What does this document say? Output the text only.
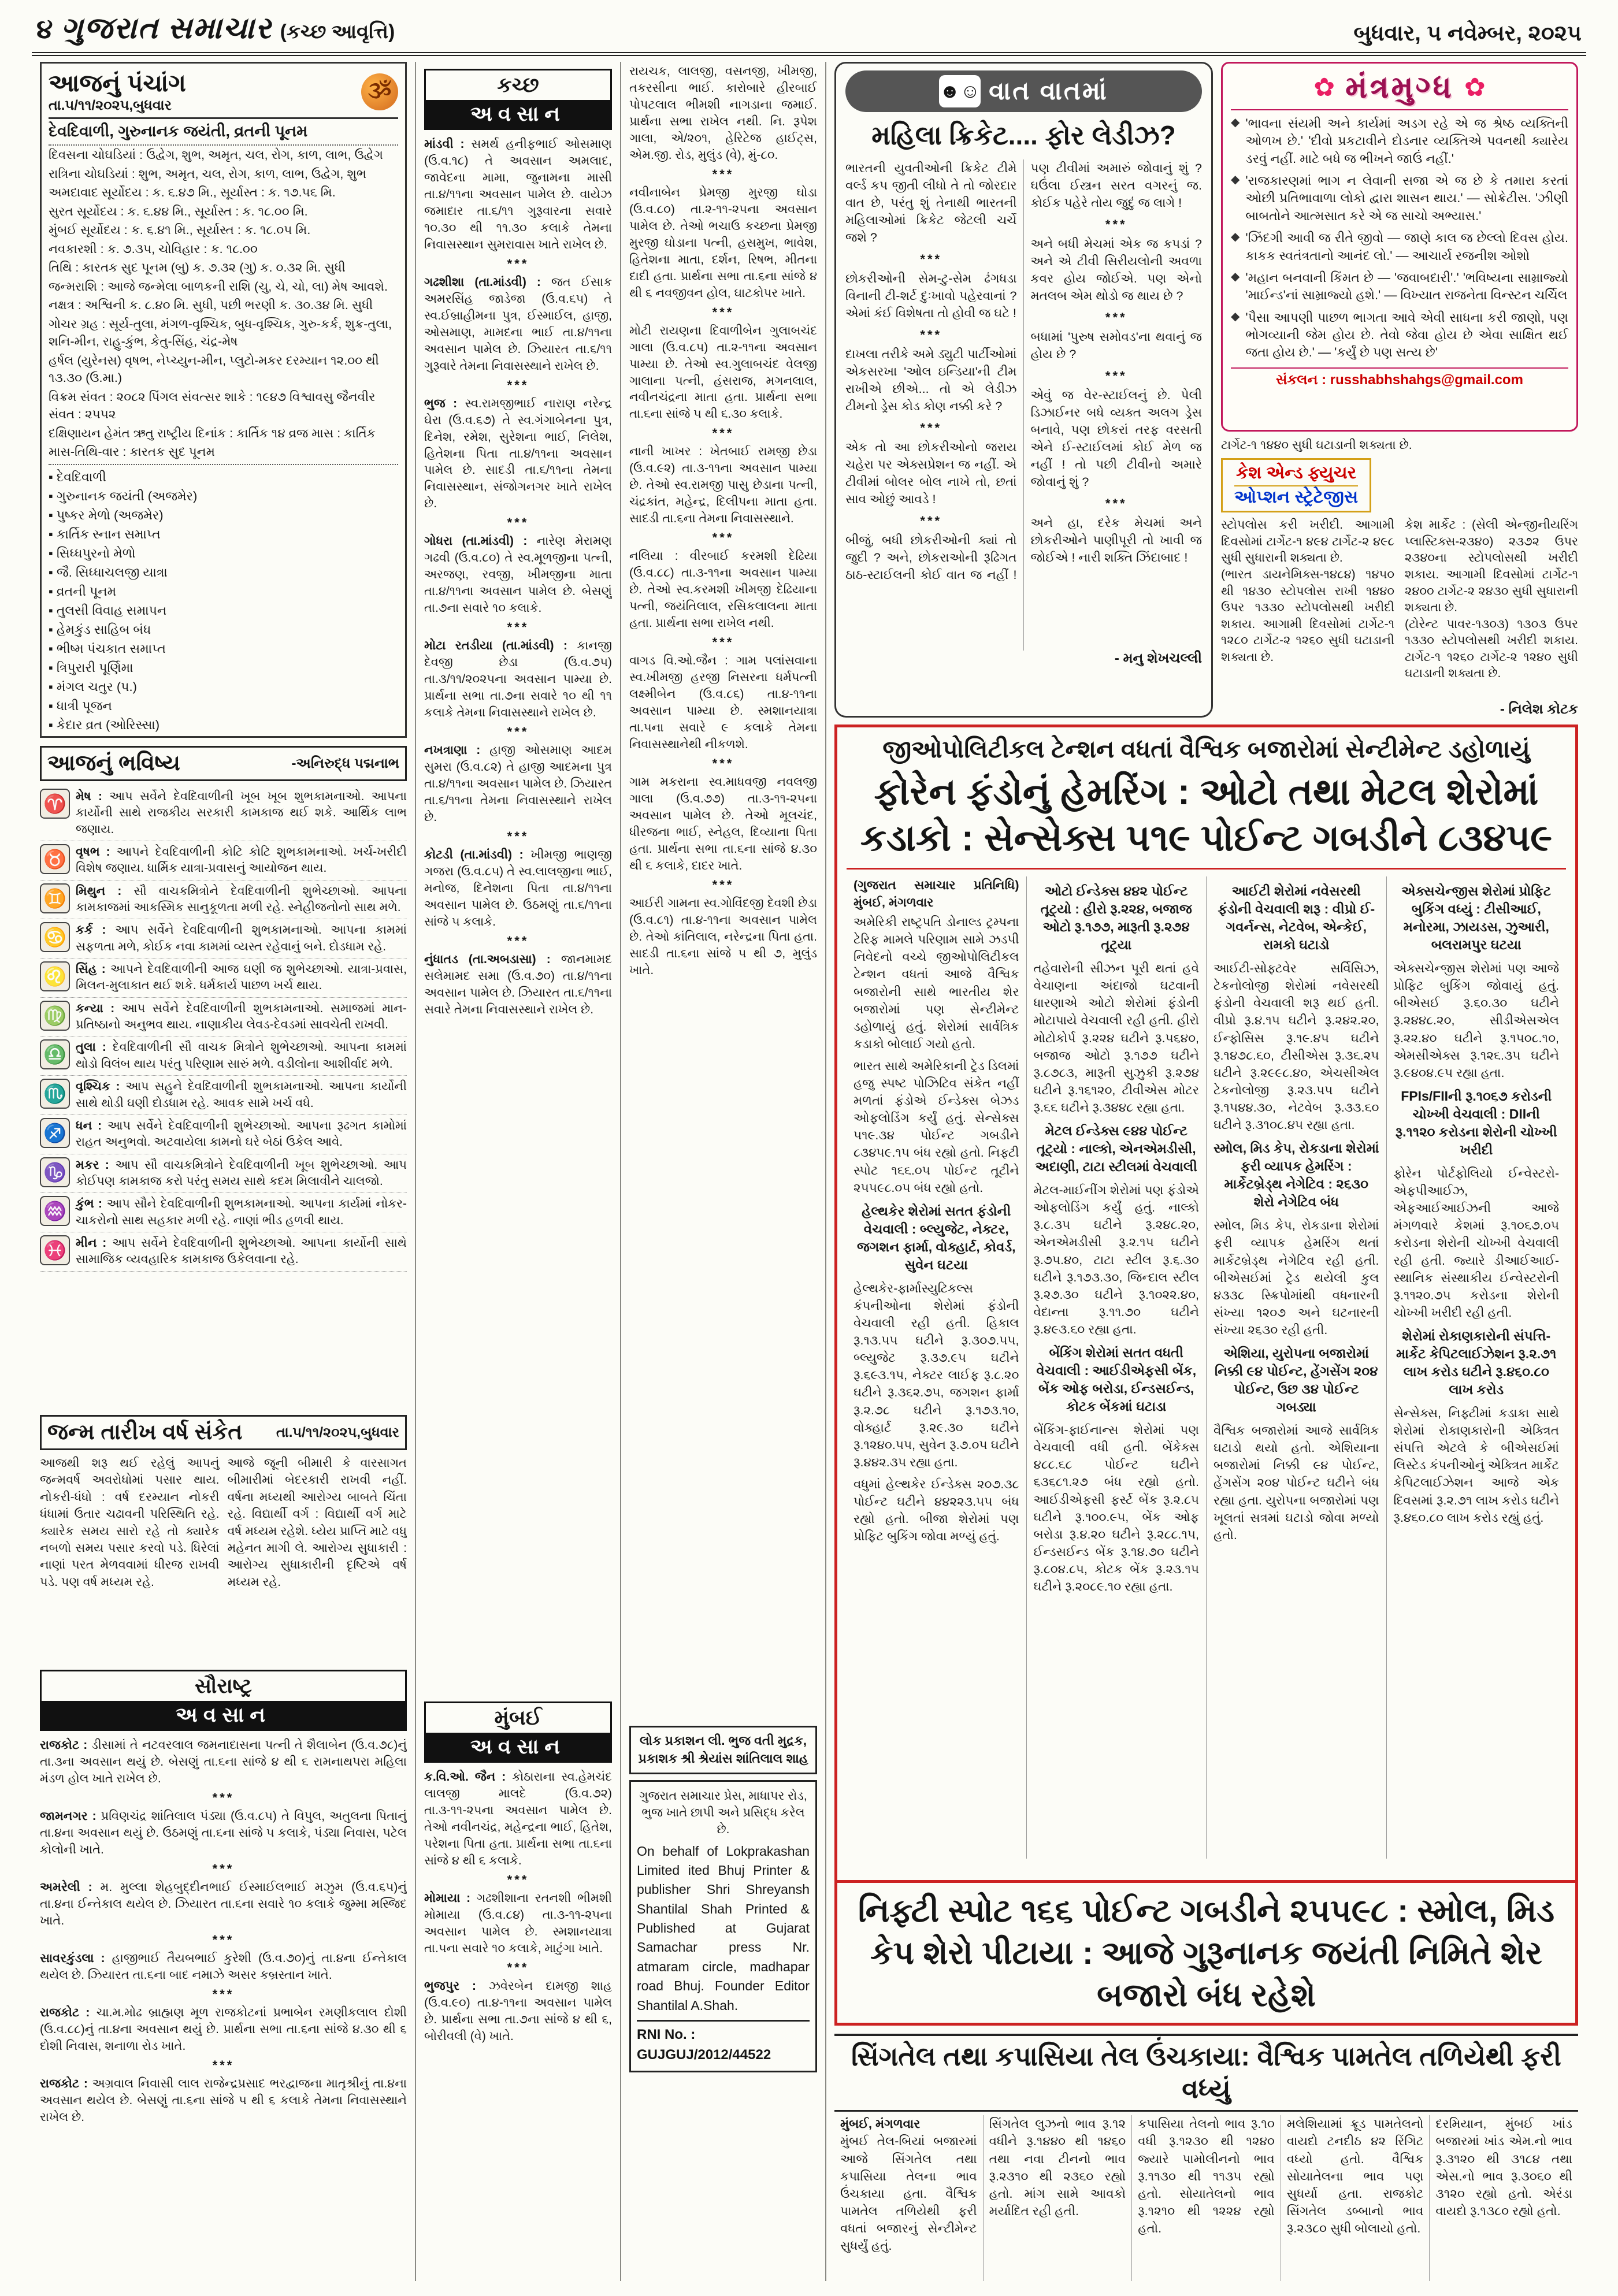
૪ ગુજરાત સમાચાર (કચ્છ આવૃત્તિ)	બુધવાર, ૫ નવેમ્બર, ૨૦૨૫
આજનું પંચાંગ
તા.૫/૧૧/૨૦૨૫,બુધવાર
ૐ
દેવદિવાળી, ગુરુનાનક જયંતી, વ્રતની પૂનમ
દિવસના ચોઘડિયાં : ઉદ્વેગ, શુભ, અમૃત, ચલ, રોગ, કાળ, લાભ, ઉદ્વેગ
રાત્રિના ચોઘડિયાં : શુભ, અમૃત, ચલ, રોગ, કાળ, લાભ, ઉદ્વેગ, શુભ
અમદાવાદ સૂર્યોદય : ક. ૬.૪૭ મિ., સૂર્યાસ્ત : ક. ૧૭.૫૬ મિ.
સુરત સૂર્યોદય : ક. ૬.૪૪ મિ., સૂર્યાસ્ત : ક. ૧૮.૦૦ મિ.
મુંબઈ સૂર્યોદય : ક. ૬.૪૧ મિ., સૂર્યાસ્ત : ક. ૧૮.૦૫ મિ.
નવકારશી : ક. ૭.૩૫, ચોવિહાર : ક. ૧૮.૦૦
તિથિ : કારતક સુદ પૂનમ (બુ) ક. ૭.૩૨ (ગુ) ક. ૦.૩૨ મિ. સુધી
જન્મરાશિ : આજે જન્મેલા બાળકની રાશિ (ચુ, ચે, ચો, લા) મેષ આવશે.
નક્ષત્ર : અશ્વિની ક. ૮.૪૦ મિ. સુધી, પછી ભરણી ક. ૩૦.૩૪ મિ. સુધી
ગોચર ગ્રહ : સૂર્ય-તુલા, મંગળ-વૃશ્ચિક, બુધ-વૃશ્ચિક, ગુરુ-કર્ક, શુક્ર-તુલા, શનિ-મીન, રાહુ-કુંભ, કેતુ-સિંહ, ચંદ્ર-મેષ
હર્ષલ (યુરેનસ) વૃષભ, નેપ્ચ્યુન-મીન, પ્લુટો-મકર દરમ્યાન ૧૨.૦૦ થી ૧૩.૩૦ (ઉ.મા.)
વિક્રમ સંવત : ૨૦૮૨ પિંગલ સંવત્સર શાકે : ૧૯૪૭ વિશ્વાવસુ જૈનવીર સંવત : ૨૫૫૨
દક્ષિણાયન હેમંત ઋતુ રાષ્ટ્રીય દિનાંક : કાર્તિક ૧૪ વ્રજ માસ : કાર્તિક
માસ-તિથિ-વાર : કારતક સુદ પૂનમ
▪ દેવદિવાળી
▪ ગુરુનાનક જયંતી (અજમેર)
▪ પુષ્કર મેળો (અજમેર)
▪ કાર્તિક સ્નાન સમાપ્ત
▪ સિધ્ધપુરનો મેળો
▪ જૈ. સિધ્ધાચલજી યાત્રા
▪ વ્રતની પૂનમ
▪ તુલસી વિવાહ સમાપન
▪ હેમકુંડ સાહિબ બંધ
▪ ભીષ્મ પંચકાત સમાપ્ત
▪ ત્રિપુરારી પૂર્ણિમા
▪ મંગલ ચતુર (પ.)
▪ ધાત્રી પૂજન
▪ કેદાર વ્રત (ઓરિસ્સા)
આજનું ભવિષ્ય	-અનિરુદ્ધ પદ્મનાભ
♈ મેષ : આપ સર્વેને દેવદિવાળીની ખૂબ ખૂબ શુભકામનાઓ. આપના કાર્યોની સાથે રાજકીય સરકારી કામકાજ થઈ શકે. આર્થિક લાભ જણાય.
♉ વૃષભ : આપને દેવદિવાળીની કોટિ કોટિ શુભકામનાઓ. ખર્ચ-ખરીદી વિશેષ જણાય. ધાર્મિક યાત્રા-પ્રવાસનું આયોજન થાય.
♊ મિથુન : સૌ વાચકમિત્રોને દેવદિવાળીની શુભેચ્છાઓ. આપના કામકાજમાં આકસ્મિક સાનુકૂળતા મળી રહે. સ્નેહીજનોનો સાથ મળે.
♋ કર્ક : આપ સર્વેને દેવદિવાળીની શુભકામનાઓ. આપના કામમાં સફળતા મળે, કોઈક નવા કામમાં વ્યસ્ત રહેવાનું બને. દોડધામ રહે.
♌ સિંહ : આપને દેવદિવાળીની આજ ઘણી જ શુભેચ્છાઓ. યાત્રા-પ્રવાસ, મિલન-મુલાકાત થઈ શકે. ધર્મકાર્ય પાછળ ખર્ચ થાય.
♍ કન્યા : આપ સર્વેને દેવદિવાળીની શુભકામનાઓ. સમાજમાં માન-પ્રતિષ્ઠાનો અનુભવ થાય. નાણાકીય લેવડ-દેવડમાં સાવચેતી રાખવી.
♎ તુલા : દેવદિવાળીની સૌ વાચક મિત્રોને શુભેચ્છાઓ. આપના કામમાં થોડો વિલંબ થાય પરંતુ પરિણામ સારું મળે. વડીલોના આશીર્વાદ મળે.
♏ વૃશ્ચિક : આપ સહુને દેવદિવાળીની શુભકામનાઓ. આપના કાર્યોની સાથે થોડી ઘણી દોડધામ રહે. આવક સામે ખર્ચ વધે.
♐ ધન : આપ સર્વેને દેવદિવાળીની શુભેચ્છાઓ. આપના રૂઢગત કામોમાં રાહત અનુભવો. અટવાયેલા કામનો ઘરે બેઠાં ઉકેલ આવે.
♑ મકર : આપ સૌ વાચકમિત્રોને દેવદિવાળીની ખૂબ શુભેચ્છાઓ. આપ કોઈપણ કામકાજ કરો પરંતુ સમય સાથે કદમ મિલાવીને ચાલજો.
♒ કુંભ : આપ સૌને દેવદિવાળીની શુભકામનાઓ. આપના કાર્યમાં નોકર-ચાકરોનો સાથ સહકાર મળી રહે. નાણાં ભીડ હળવી થાય.
♓ મીન : આપ સર્વેને દેવદિવાળીની શુભેચ્છાઓ. આપના કાર્યોની સાથે સામાજિક વ્યવહારિક કામકાજ ઉકેલવાના રહે.
જન્મ તારીખ વર્ષ સંકેત તા.૫/૧૧/૨૦૨૫,બુધવાર
આજથી શરૂ થઈ રહેલું આપનું જન્મવર્ષ અવરોધોમાં પસાર થાય. નોકરી-ધંધો : વર્ષ દરમ્યાન નોકરી ધંધામાં ઉતાર ચઢાવની પરિસ્થિતિ રહે. ક્યારેક સમય સારો રહે તો ક્યારેક નબળો સમય પસાર કરવો પડે. ધિરેલાં નાણાં પરત મેળવવામાં ધીરજ રાખવી પડે. પણ વર્ષ મધ્યમ રહે.
આજે જૂની બીમારી કે વારસાગત બીમારીમાં બેદરકારી રાખવી નહીં. વર્ષના મધ્યથી આરોગ્ય બાબતે ચિંતા રહે. વિદ્યાર્થી વર્ગ : વિદ્યાર્થી વર્ગ માટે વર્ષ મધ્યમ રહેશે. ધ્યેય પ્રાપ્તિ માટે વધુ મહેનત માગી લે. આરોગ્ય સુધાકારી : આરોગ્ય સુધાકારીની દૃષ્ટિએ વર્ષ મધ્યમ રહે.
સૌરાષ્ટ્ર
અવસાન
રાજકોટ : ડીસામાં તે નટવરલાલ જમનાદાસના પત્ની તે શૈલાબેન (ઉ.વ.૭૮)નું તા.૩ના અવસાન થયું છે. બેસણું તા.૬ના સાંજે ૪ થી ૬ રામનાથપરા મહિલા મંડળ હોલ ખાતે રાખેલ છે.
***
જામનગર : પ્રવિણચંદ્ર શાંતિલાલ પંડ્યા (ઉ.વ.૮૫) તે વિપુલ, અતુલના પિતાનું તા.૪ના અવસાન થયું છે. ઉઠમણું તા.૬ના સાંજે ૫ કલાકે, પંડ્યા નિવાસ, પટેલ કોલોની ખાતે.
***
અમરેલી : મ. મુલ્લા શેહબુદ્દીનભાઈ ઈસ્માઈલભાઈ મઝુમ (ઉ.વ.૬૫)નું તા.૪ના ઈન્તેકાલ થયેલ છે. ઝિયારત તા.૬ના સવારે ૧૦ કલાકે જુમ્મા મસ્જિદ ખાતે.
***
સાવરકુંડલા : હાજીભાઈ તૈયબભાઈ કુરેશી (ઉ.વ.૭૦)નું તા.૪ના ઈન્તેકાલ થયેલ છે. ઝિયારત તા.૬ના બાદ નમાઝે અસર કબ્રસ્તાન ખાતે.
***
રાજકોટ : ચા.મ.મોઢ બ્રાહ્મણ મૂળ રાજકોટનાં પ્રભાબેન રમણીકલાલ દોશી (ઉ.વ.૮૮)નું તા.૪ના અવસાન થયું છે. પ્રાર્થના સભા તા.૬ના સાંજે ૪.૩૦ થી ૬ દોશી નિવાસ, શનાળા રોડ ખાતે.
***
રાજકોટ : અગ્રવાલ નિવાસી લાલ રાજેન્દ્રપ્રસાદ ભરદ્વાજના માતૃશ્રીનું તા.૪ના અવસાન થયેલ છે. બેસણું તા.૬ના સાંજે ૫ થી ૬ કલાકે તેમના નિવાસસ્થાને રાખેલ છે.
કચ્છ
અવસાન
માંડવી : સમર્થ હનીફભાઈ ઓસમાણ (ઉ.વ.૧૮) તે અવસાન અમલાદ, જાવેદના મામા, જુનામના માસી તા.૪/૧૧ના અવસાન પામેલ છે. વાયેઝ જમાદાર તા.૬/૧૧ ગુરૂવારના સવારે ૧૦.૩૦ થી ૧૧.૩૦ કલાકે તેમના નિવાસસ્થાન સુમરાવાસ ખાતે રાખેલ છે.
***
ગઢશીશા (તા.માંડવી) : જત ઈસાક અમરસિંહ જાડેજા (ઉ.વ.૬૫) તે સ્વ.ઈબ્રાહીમના પુત્ર, ઈસ્માઈલ, હાજી, ઓસમાણ, મામદના ભાઈ તા.૪/૧૧ના અવસાન પામેલ છે. ઝિયારત તા.૬/૧૧ ગુરૂવારે તેમના નિવાસસ્થાને રાખેલ છે.
***
ભુજ : સ્વ.રામજીભાઈ નારાણ નરેન્દ્ર ઘેરા (ઉ.વ.૬૭) તે સ્વ.ગંગાબેનના પુત્ર, દિનેશ, રમેશ, સુરેશના ભાઈ, નિલેશ, હિતેશના પિતા તા.૪/૧૧ના અવસાન પામેલ છે. સાદડી તા.૬/૧૧ના તેમના નિવાસસ્થાન, સંજોગનગર ખાતે રાખેલ છે.
***
ગોધરા (તા.માંડવી) : નારેણ મેરામણ ગઢવી (ઉ.વ.૮૦) તે સ્વ.મૂળજીના પત્ની, અરજણ, રવજી, ખીમજીના માતા તા.૪/૧૧ના અવસાન પામેલ છે. બેસણું તા.૭ના સવારે ૧૦ કલાકે.
***
મોટા રતડીયા (તા.માંડવી) : કાનજી દેવજી છેડા (ઉ.વ.૭૫) તા.૩/૧૧/૨૦૨૫ના અવસાન પામ્યા છે. પ્રાર્થના સભા તા.૭ના સવારે ૧૦ થી ૧૧ કલાકે તેમના નિવાસસ્થાને રાખેલ છે.
***
નખત્રાણા : હાજી ઓસમાણ આદમ સુમરા (ઉ.વ.૮૨) તે હાજી આદમના પુત્ર તા.૪/૧૧ના અવસાન પામેલ છે. ઝિયારત તા.૬/૧૧ના તેમના નિવાસસ્થાને રાખેલ છે.
***
કોટડી (તા.માંડવી) : ખીમજી ભાણજી ગજરા (ઉ.વ.૮૫) તે સ્વ.લાલજીના ભાઈ, મનોજ, દિનેશના પિતા તા.૪/૧૧ના અવસાન પામેલ છે. ઉઠમણું તા.૬/૧૧ના સાંજે ૫ કલાકે.
***
નુંધાતડ (તા.અબડાસા) : જાનમામદ સલેમામદ સમા (ઉ.વ.૭૦) તા.૪/૧૧ના અવસાન પામેલ છે. ઝિયારત તા.૬/૧૧ના સવારે તેમના નિવાસસ્થાને રાખેલ છે.
મુંબઈ
અવસાન
ક.વિ.ઓ. જૈન : કોઠારાના સ્વ.હેમચંદ લાલજી માલદે (ઉ.વ.૭૨) તા.૩-૧૧-૨૫ના અવસાન પામેલ છે. તેઓ નવીનચંદ્ર, મહેન્દ્રના ભાઈ, હિતેશ, પરેશના પિતા હતા. પ્રાર્થના સભા તા.૬ના સાંજે ૪ થી ૬ કલાકે.
***
મોમાયા : ગઢશીશાના રતનશી ભીમશી મોમાયા (ઉ.વ.૮૪) તા.૩-૧૧-૨૫ના અવસાન પામેલ છે. સ્મશાનયાત્રા તા.૫ના સવારે ૧૦ કલાકે, માટુંગા ખાતે.
***
ભુજપુર : ઝવેરબેન દામજી શાહ (ઉ.વ.૯૦) તા.૪-૧૧ના અવસાન પામેલ છે. પ્રાર્થના સભા તા.૭ના સાંજે ૪ થી ૬, બોરીવલી (વે) ખાતે.
રાયચક, લાલજી, વસનજી, ખીમજી, તકરસીના ભાઈ. કારોબારે હીરબાઈ પોપટલાલ ભીમશી નાગડાના જમાઈ. પ્રાર્થના સભા રાખેલ નથી. નિ. રૂપેશ ગાલા, એ/૨૦૧, હેરિટેજ હાઈટ્સ, એમ.જી. રોડ, મુલુંડ (વે), મું-૮૦.
***
નવીનાબેન પ્રેમજી મુરજી ઘોડા (ઉ.વ.૮૦) તા.૨-૧૧-૨૫ના અવસાન પામેલ છે. તેઓ ભચાઉ કચ્છના પ્રેમજી મુરજી ઘોડાના પત્ની, હસમુખ, ભાવેશ, હિતેશના માતા, દર્શન, રિષભ, મીતના દાદી હતા. પ્રાર્થના સભા તા.૬ના સાંજે ૪ થી ૬ નવજીવન હોલ, ઘાટકોપર ખાતે.
***
મોટી રાયણના દિવાળીબેન ગુલાબચંદ ગાલા (ઉ.વ.૮૫) તા.૨-૧૧ના અવસાન પામ્યા છે. તેઓ સ્વ.ગુલાબચંદ વેલજી ગાલાના પત્ની, હંસરાજ, મગનલાલ, નવીનચંદ્રના માતા હતા. પ્રાર્થના સભા તા.૬ના સાંજે ૫ થી ૬.૩૦ કલાકે.
***
નાની ખાખર : ખેતબાઈ રામજી છેડા (ઉ.વ.૯૨) તા.૩-૧૧ના અવસાન પામ્યા છે. તેઓ સ્વ.રામજી પાસુ છેડાના પત્ની, ચંદ્રકાંત, મહેન્દ્ર, દિલીપના માતા હતા. સાદડી તા.૬ના તેમના નિવાસસ્થાને.
***
નલિયા : વીરબાઈ કરમશી દેઢિયા (ઉ.વ.૮૮) તા.૩-૧૧ના અવસાન પામ્યા છે. તેઓ સ્વ.કરમશી ખીમજી દેઢિયાના પત્ની, જયંતિલાલ, રસિકલાલના માતા હતા. પ્રાર્થના સભા રાખેલ નથી.
***
વાગડ વિ.ઓ.જૈન : ગામ પલાંસવાના સ્વ.ખીમજી હરજી નિસરના ધર્મપત્ની લક્ષ્મીબેન (ઉ.વ.૮૬) તા.૪-૧૧ના અવસાન પામ્યા છે. સ્મશાનયાત્રા તા.૫ના સવારે ૯ કલાકે તેમના નિવાસસ્થાનેથી નીકળશે.
***
ગામ મકરાના સ્વ.માધવજી નવલજી ગાલા (ઉ.વ.૭૭) તા.૩-૧૧-૨૫ના અવસાન પામેલ છે. તેઓ મૂલચંદ, ધીરજના ભાઈ, સ્નેહલ, દિવ્યાના પિતા હતા. પ્રાર્થના સભા તા.૬ના સાંજે ૪.૩૦ થી ૬ કલાકે, દાદર ખાતે.
***
આઈરી ગામના સ્વ.ગોવિંદજી દેવશી છેડા (ઉ.વ.૮૧) તા.૪-૧૧ના અવસાન પામેલ છે. તેઓ કાંતિલાલ, નરેન્દ્રના પિતા હતા. સાદડી તા.૬ના સાંજે ૫ થી ૭, મુલુંડ ખાતે.
લોક પ્રકાશન લી. ભુજ વતી મુદ્રક, પ્રકાશક શ્રી શ્રેયાંસ શાંતિલાલ શાહ
ગુજરાત સમાચાર પ્રેસ, માધાપર રોડ, ભુજ ખાતે છાપી અને પ્રસિદ્ધ કરેલ છે.
On behalf of Lokprakashan Limited ited Bhuj Printer & publisher Shri Shreyansh Shantilal Shah Printed & Published at Gujarat Samachar press Nr. atmaram circle, madhapar road Bhuj. Founder Editor Shantilal A.Shah.
RNI No. : GUJGUJ/2012/44522
☻☺ વાત વાતમાં
મહિલા ક્રિકેટ.... ફોર લેડીઝ?
ભારતની યુવતીઓની ક્રિકેટ ટીમે વર્લ્ડ કપ જીતી લીધો તે તો જોરદાર વાત છે, પરંતુ શું તેનાથી ભારતની મહિલાઓમાં ક્રિકેટ જેટલી ચર્ચે જશે ?
***
છોકરીઓની સેમ-ટુ-સેમ ઢંગધડા વિનાની ટી-શર્ટ દુઃખાવો પહેરવાનાં ? એમાં કંઈ વિશેષતા તો હોવી જ ઘટે !
***
દાખલા તરીકે અમે ડ્યુટી પાર્ટીઓમાં એકસરખા 'ઓલ ઇન્ડિયા'ની ટીમ રાખીએ છીએ... તો એ લેડીઝ ટીમનો ડ્રેસ કોડ કોણ નક્કી કરે ?
***
એક તો આ છોકરીઓનો જરાય ચહેરા પર એક્સપ્રેશન જ નહીં. એ ટીવીમાં બોલર બોલ નાખે તો, છતાં સાવ ઓછું આવડે !
***
બીજું, બધી છોકરીઓની ક્યાં તો જુદી ? અને, છોકરાઓની રૂઢિગત ઠાઠ-સ્ટાઈલની કોઈ વાત જ નહીં ! પણ ટીવીમાં અમારું જોવાનું શું ? ઘઉંલા ઈસ્ત્રન સરત વગરનું જ. કોઈક પહેરે તોય જુદું જ લાગે !
***
અને બધી મેચમાં એક જ કપડાં ? અને એ ટીવી સિરીયલોની અવળા કવર હોય જોઈએ. પણ એનો મતલબ એમ થોડો જ થાય છે ?
***
બધામાં 'પુરુષ સમોવડ'ના થવાનું જ હોય છે ?
***
એવું જ વેર-સ્ટાઈલનું છે. પેલી ડિઝાઈનર બધે વ્યક્ત અલગ ડ્રેસ બનાવે, પણ છોકરાં તરફ વરસતી એને ઈ-સ્ટાઈલમાં કોઈ મેળ જ નહીં ! તો પછી ટીવીનો અમારે જોવાનું શું ?
***
અને હા, દરેક મેચમાં અને છોકરીઓને પાણીપૂરી તો ખાવી જ જોઈએ ! નારી શક્તિ ઝિંદાબાદ !
- મનુ શેખચલ્લી
✿ મંત્રમુગ્ધ ✿
◆ 'ભાવના સંયમી અને કાર્યમાં અડગ રહે એ જ શ્રેષ્ઠ વ્યક્તિની ઓળખ છે.' 'દીવો પ્રકટાવીને દોડનાર વ્યક્તિએ પવનથી ક્યારેય ડરવું નહીં. માટે બધે જ ભીખને જાઉં નહીં.'
◆ 'રાજકારણમાં ભાગ ન લેવાની સજા એ જ છે કે તમારા કરતાં ઓછી પ્રતિભાવાળા લોકો દ્વારા શાસન થાય.' — સોક્રેટીસ. 'ઝીણી બાબતોને આત્મસાત કરે એ જ સાચો અભ્યાસ.'
◆ 'ઝિંદગી આવી જ રીતે જીવો — જાણે કાલ જ છેલ્લો દિવસ હોય. કાકક સ્વતંત્રતાનો આનંદ લો.' — આચાર્ય રજનીશ ઓશો
◆ 'મહાન બનવાની કિંમત છે — 'જવાબદારી'.' 'ભવિષ્યના સામ્રાજ્યો 'માઈન્ડ'નાં સામ્રાજ્યો હશે.' — વિખ્યાત રાજનેતા વિન્સ્ટન ચર્ચિલ
◆ 'પૈસા આપણી પાછળ ભાગતા આવે એવી સાધના કરી જાણો, પણ ભોગવ્યાની જેમ હોય છે. તેવો જેવા હોય છે એવા સાક્ષિત થઈ જતા હોય છે.' — 'કર્યું છે પણ સત્ય છે'
સંકલન : russhabhshahgs@gmail.com
ટાર્ગેટ-૧ ૧૪૪૦ સુધી ઘટાડાની શક્યતા છે.
કેશ એન્ડ ફ્યુચર
ઓપ્શન સ્ટ્રેટેજીસ
સ્ટોપલોસ કરી ખરીદી. આગામી દિવસોમાં ટાર્ગેટ-૧ ૪૯૪ ટાર્ગેટ-૨ ૪૯૮ સુધી સુધારાની શક્યતા છે.
(ભારત ડાયનેમિક્સ-૧૪૮૪) ૧૪૫૦ થી ૧૪૩૦ સ્ટોપલોસ રાખી ૧૪૪૦ ઉપર ૧૩૩૦ સ્ટોપલોસથી ખરીદી શકાય. આગામી દિવસોમાં ટાર્ગેટ-૧ ૧૨૮૦ ટાર્ગેટ-૨ ૧૨૬૦ સુધી ઘટાડાની શક્યતા છે.
કેશ માર્કેટ : (સેલી એન્જીનીયરિંગ પ્લાસ્ટિક્સ-૨૩૪૦) ૨૩૭૨ ઉપર ૨૩૪૦ના સ્ટોપલોસથી ખરીદી શકાય. આગામી દિવસોમાં ટાર્ગેટ-૧ ૨૪૦૦ ટાર્ગેટ-૨ ૨૪૩૦ સુધી સુધારાની શક્યતા છે.
(ટોરેન્ટ પાવર-૧૩૦૩) ૧૩૦૩ ઉપર ૧૩૩૦ સ્ટોપલોસથી ખરીદી શકાય. ટાર્ગેટ-૧ ૧૨૬૦ ટાર્ગેટ-૨ ૧૨૪૦ સુધી ઘટાડાની શક્યતા છે.
- નિલેશ કોટક
જીઓપોલિટીકલ ટેન્શન વધતાં વૈશ્વિક બજારોમાં સેન્ટીમેન્ટ ડહોળાયું
ફોરેન ફંડોનું હેમરિંગ : ઓટો તથા મેટલ શેરોમાં કડાકો : સેન્સેક્સ ૫૧૯ પોઈન્ટ ગબડીને ૮૩૪૫૯
(ગુજરાત સમાચાર પ્રતિનિધિ) મુંબઈ, મંગળવાર
અમેરિકી રાષ્ટ્રપતિ ડોનાલ્ડ ટ્રમ્પના ટેરિફ મામલે પરિણામ સામે ઝડપી નિવેદનો વચ્ચે જીઓપોલિટીકલ ટેન્શન વધતાં આજે વૈશ્વિક બજારોની સાથે ભારતીય શેર બજારોમાં પણ સેન્ટીમેન્ટ ડહોળાયું હતું. શેરોમાં સાર્વત્રિક કડાકો બોલાઈ ગયો હતો.
ભારત સાથે અમેરિકાની ટ્રેડ ડિલમાં હજુ સ્પષ્ટ પોઝિટિવ સંકેત નહીં મળતાં ફંડોએ ઈન્ડેક્સ બેઝડ ઓફલોડિંગ કર્યું હતું. સેન્સેક્સ ૫૧૯.૩૪ પોઈન્ટ ગબડીને ૮૩૪૫૯.૧૫ બંધ રહ્યો હતો. નિફ્ટી સ્પોટ ૧૬૬.૦૫ પોઈન્ટ તૂટીને ૨૫૫૯૮.૦૫ બંધ રહ્યો હતો.
હેલ્થકેર શેરોમાં સતત ફંડોની વેચવાલી : બ્લ્યુજેટ, નેક્ટર, જગશન ફાર્મા, વોક્હાર્ટ, કોવર્ડ, સુવેન ઘટયા
હેલ્થકેર-ફાર્માસ્યુટિકલ્સ કંપનીઓના શેરોમાં ફંડોની વેચવાલી રહી હતી. હિકાલ રૂ.૧૩.૫૫ ઘટીને રૂ.૩૦૭.૫૫, બ્લ્યુજેટ રૂ.૩૭.૯૫ ઘટીને રૂ.૬૯૩.૧૫, નેક્ટર લાઈફ રૂ.૮.૨૦ ઘટીને રૂ.૩૬૨.૭૫, જગશન ફાર્મા રૂ.૨.૭૮ ઘટીને રૂ.૧૭૩.૧૦, વોક્હાર્ટ રૂ.૨૯.૩૦ ઘટીને રૂ.૧૨૪૦.૫૫, સુવેન રૂ.૭.૦૫ ઘટીને રૂ.૪૪૨.૩૫ રહ્યા હતા.
વધુમાં હેલ્થકેર ઈન્ડેક્સ ૨૦૭.૩૮ પોઈન્ટ ઘટીને ૪૪૨૨૩.૫૫ બંધ રહ્યો હતો. બીજા શેરોમાં પણ પ્રોફિટ બુકિંગ જોવા મળ્યું હતું.
ઓટો ઈન્ડેક્સ ૪૪૨ પોઈન્ટ તૂટ્યો : હીરો રૂ.૨૨૪, બજાજ ઓટો રૂ.૧૭૭, મારૂતી રૂ.૨૭૪ તૂટ્યા
તહેવારોની સીઝન પૂરી થતાં હવે વેચાણના અંદાજો ઘટવાની ધારણાએ ઓટો શેરોમાં ફંડોની મોટાપાયે વેચવાલી રહી હતી. હીરો મોટોકોર્પ રૂ.૨૨૪ ઘટીને રૂ.૫૬૪૦, બજાજ ઓટો રૂ.૧૭૭ ઘટીને રૂ.૮૭૮૩, મારૂતી સુઝુકી રૂ.૨૭૪ ઘટીને રૂ.૧૬૧૨૦, ટીવીએસ મોટર રૂ.૬૬ ઘટીને રૂ.૩૪૪૮ રહ્યા હતા.
મેટલ ઈન્ડેક્સ ૯૪૪ પોઈન્ટ તૂટ્યો : નાલ્કો, એનએમડીસી, અદાણી, ટાટા સ્ટીલમાં વેચવાલી
મેટલ-માઈનીંગ શેરોમાં પણ ફંડોએ ઓફલોડિંગ કર્યું હતું. નાલ્કો રૂ.૮.૩૫ ઘટીને રૂ.૨૪૮.૨૦, એનએમડીસી રૂ.૨.૧૫ ઘટીને રૂ.૭૫.૪૦, ટાટા સ્ટીલ રૂ.૬.૩૦ ઘટીને રૂ.૧૭૩.૩૦, જિન્દાલ સ્ટીલ રૂ.૨૭.૩૦ ઘટીને રૂ.૧૦૨૨.૪૦, વેદાન્તા રૂ.૧૧.૭૦ ઘટીને રૂ.૪૯૩.૬૦ રહ્યા હતા.
બેંકિંગ શેરોમાં સતત વધતી વેચવાલી : આઈડીએફસી બેંક, બેંક ઓફ બરોડા, ઈન્ડસઈન્ડ, કોટક બેંકમાં ઘટાડા
બેંકિંગ-ફાઈનાન્સ શેરોમાં પણ વેચવાલી વધી હતી. બેંકેક્સ ૪૮૮.૬૮ પોઈન્ટ ઘટીને ૬૩૬૮૧.૨૭ બંધ રહ્યો હતો. આઈડીએફસી ફર્સ્ટ બેંક રૂ.૨.૮૫ ઘટીને રૂ.૧૦૦.૯૫, બેંક ઓફ બરોડા રૂ.૪.૨૦ ઘટીને રૂ.૨૮૮.૧૫, ઈન્ડસઈન્ડ બેંક રૂ.૧૪.૭૦ ઘટીને રૂ.૮૦૪.૮૫, કોટક બેંક રૂ.૨૩.૧૫ ઘટીને રૂ.૨૦૮૯.૧૦ રહ્યા હતા.
આઈટી શેરોમાં નવેસરથી ફંડોની વેચવાલી શરૂ : વીપ્રો ઈ-ગવર્નન્સ, નેટવેબ, એન્કેઈ, રામકો ઘટાડો
આઈટી-સોફ્ટવેર સર્વિસિઝ, ટેકનોલોજી શેરોમાં નવેસરથી ફંડોની વેચવાલી શરૂ થઈ હતી. વીપ્રો રૂ.૪.૧૫ ઘટીને રૂ.૨૪૨.૨૦, ઈન્ફોસિસ રૂ.૧૯.૪૫ ઘટીને રૂ.૧૪૭૮.૬૦, ટીસીએસ રૂ.૩૬.૨૫ ઘટીને રૂ.૨૯૯૮.૪૦, એચસીએલ ટેકનોલોજી રૂ.૨૩.૫૫ ઘટીને રૂ.૧૫૪૪.૩૦, નેટવેબ રૂ.૩૩.૬૦ ઘટીને રૂ.૩૧૦૮.૪૫ રહ્યા હતા.
સ્મોલ, મિડ કેપ, રોકડાના શેરોમાં ફરી વ્યાપક હેમરિંગ : માર્કેટબ્રેડ્થ નેગેટિવ : ૨૬૩૦ શેરો નેગેટિવ બંધ
સ્મોલ, મિડ કેપ, રોકડાના શેરોમાં ફરી વ્યાપક હેમરિંગ થતાં માર્કેટબ્રેડ્થ નેગેટિવ રહી હતી. બીએસઈમાં ટ્રેડ થયેલી કુલ ૪૩૩૮ સ્ક્રિપોમાંથી વધનારની સંખ્યા ૧૨૦૭ અને ઘટનારની સંખ્યા ૨૬૩૦ રહી હતી.
એશિયા, યુરોપના બજારોમાં નિક્કી ૯૪ પોઈન્ટ, હેંગસેંગ ૨૦૪ પોઈન્ટ, ઉછ ૩૪ પોઈન્ટ ગબડ્યા
વૈશ્વિક બજારોમાં આજે સાર્વત્રિક ઘટાડો થયો હતો. એશિયાના બજારોમાં નિક્કી ૯૪ પોઈન્ટ, હેંગસેંગ ૨૦૪ પોઈન્ટ ઘટીને બંધ રહ્યા હતા. યુરોપના બજારોમાં પણ ખૂલતાં સત્રમાં ઘટાડો જોવા મળ્યો હતો.
એક્સચેન્જીસ શેરોમાં પ્રોફિટ બુકિંગ વધ્યું : ટીસીઆઈ, મનોરમા, ઝાયડસ, ઝુઆરી, બલરામપુર ઘટયા
એક્સચેન્જીસ શેરોમાં પણ આજે પ્રોફિટ બુકિંગ જોવાયું હતું. બીએસઈ રૂ.૬૦.૩૦ ઘટીને રૂ.૨૪૪૮.૨૦, સીડીએસએલ રૂ.૨૨.૪૦ ઘટીને રૂ.૧૫૦૮.૧૦, એમસીએક્સ રૂ.૧૨૬.૩૫ ઘટીને રૂ.૯૪૦૪.૯૫ રહ્યા હતા.
FPIs/FIIની રૂ.૧૦૬૭ કરોડની ચોખ્ખી વેચવાલી : DIIની રૂ.૧૧૨૦ કરોડના શેરોની ચોખ્ખી ખરીદી
ફોરેન પોર્ટફોલિયો ઈન્વેસ્ટરો-એફપીઆઈઝ, એફઆઈઆઈઝની આજે મંગળવારે કેશમાં રૂ.૧૦૬૭.૦૫ કરોડના શેરોની ચોખ્ખી વેચવાલી રહી હતી. જ્યારે ડીઆઈઆઈ-સ્થાનિક સંસ્થાકીય ઈન્વેસ્ટરોની રૂ.૧૧૨૦.૭૫ કરોડના શેરોની ચોખ્ખી ખરીદી રહી હતી.
શેરોમાં રોકાણકારોની સંપત્તિ-માર્કેટ કેપિટલાઈઝેશન રૂ.૨.૭૧ લાખ કરોડ ઘટીને રૂ.૪૬૦.૮૦ લાખ કરોડ
સેન્સેક્સ, નિફ્ટીમાં કડાકા સાથે શેરોમાં રોકાણકારોની એક્ત્રિત સંપત્તિ એટલે કે બીએસઈમાં લિસ્ટેડ કંપનીઓનું એક્ત્રિત માર્કેટ કેપિટલાઈઝેશન આજે એક દિવસમાં રૂ.૨.૭૧ લાખ કરોડ ઘટીને રૂ.૪૬૦.૮૦ લાખ કરોડ રહ્યું હતું.
નિફ્ટી સ્પોટ ૧૬૬ પોઈન્ટ ગબડીને ૨૫૫૯૮ : સ્મોલ, મિડ કેપ શેરો પીટાયા : આજે ગુરૂનાનક જયંતી નિમિતે શેર બજારો બંધ રહેશે
સિંગતેલ તથા કપાસિયા તેલ ઉંચકાયા: વૈશ્વિક પામતેલ તળિયેથી ફરી વધ્યું
મુંબઈ, મંગળવાર
મુંબઈ તેલ-બિયાં બજારમાં આજે સિંગતેલ તથા કપાસિયા તેલના ભાવ ઉંચકાયા હતા. વૈશ્વિક પામતેલ તળિયેથી ફરી વધતાં બજારનું સેન્ટીમેન્ટ સુધર્યું હતું.
સિંગતેલ લુઝનો ભાવ રૂ.૧૨ વધીને રૂ.૧૪૪૦ થી ૧૪૬૦ તથા નવા ટીનનો ભાવ રૂ.૨૩૧૦ થી ૨૩૬૦ રહ્યો હતો. માંગ સામે આવકો મર્યાદિત રહી હતી.
કપાસિયા તેલનો ભાવ રૂ.૧૦ વધી રૂ.૧૨૩૦ થી ૧૨૪૦ જ્યારે પામોલીનનો ભાવ રૂ.૧૧૩૦ થી ૧૧૩૫ રહ્યો હતો. સોયાતેલનો ભાવ રૂ.૧૨૧૦ થી ૧૨૨૪ રહ્યો હતો.
મલેશિયામાં ક્રૂડ પામતેલનો વાયદો ટનદીઠ ૪૨ રિંગિટ વધ્યો હતો. વૈશ્વિક સોયાતેલના ભાવ પણ સુધર્યા હતા. રાજકોટ સિંગતેલ ડબ્બાનો ભાવ રૂ.૨૩૮૦ સુધી બોલાયો હતો.
દરમિયાન, મુંબઈ ખાંડ બજારમાં ખાંડ એમ.નો ભાવ રૂ.૩૧૨૦ થી ૩૧૮૪ તથા એસ.નો ભાવ રૂ.૩૦૬૦ થી ૩૧૨૦ રહ્યો હતો. એરંડા વાયદો રૂ.૧૩૮૦ રહ્યો હતો.
